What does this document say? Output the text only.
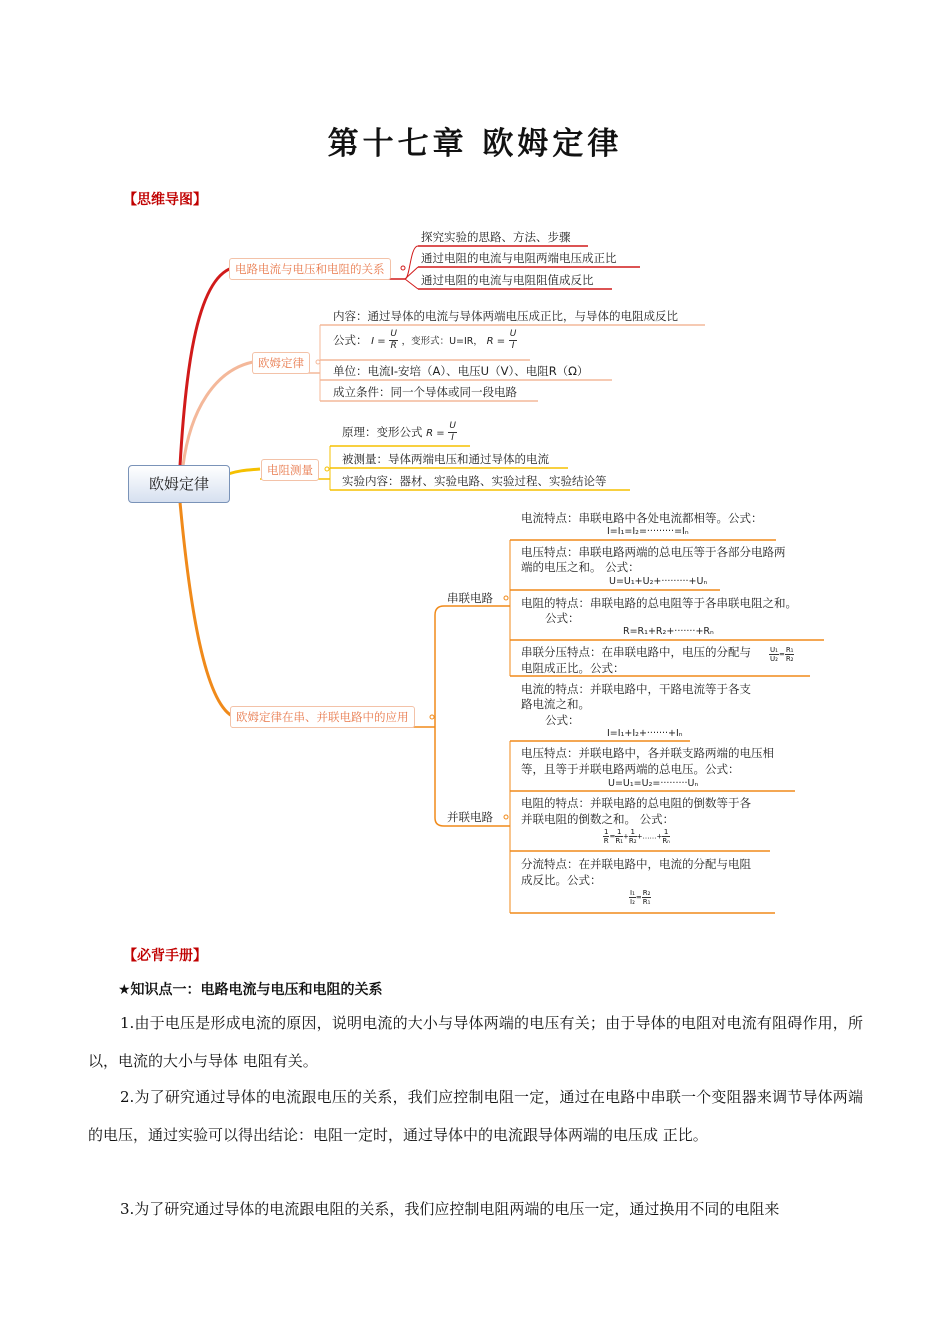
第十七章 欧姆定律
【思维导图】
欧姆定律
电路电流与电压和电阻的关系
探究实验的思路、方法、步骤
通过电阻的电流与电阻两端电压成正比
通过电阻的电流与电阻阻值成反比
欧姆定律
内容：通过导体的电流与导体两端电压成正比，与导体的电阻成反比
公式： $I = \frac{U}{R}$ ，变形式：U=IR， $R = \frac{U}{I}$
单位：电流I-安培（A）、电压U（V）、电阻R（Ω）
成立条件：同一个导体或同一段电路
电阻测量
原理：变形公式 $R = \frac{U}{I}$
被测量：导体两端电压和通过导体的电流
实验内容：器材、实验电路、实验过程、实验结论等
欧姆定律在串、并联电路中的应用
串联电路
并联电路
电流特点：串联电路中各处电流都相等。公式：
I=I₁=I₂=·········=Iₙ
电压特点：串联电路两端的总电压等于各部分电路两
端的电压之和。 公式：
U=U₁+U₂+·········+Uₙ
电阻的特点：串联电路的总电阻等于各串联电阻之和。
公式：
R=R₁+R₂+·······+Rₙ
串联分压特点：在串联电路中，电压的分配与
电阻成正比。公式：
$\frac{\text{U₁}}{\text{U₂}}= \frac{\text{R₁}}{\text{R₂}}$
电流的特点：并联电路中，干路电流等于各支
路电流之和。
公式：
I=I₁+I₂+·······+Iₙ
电压特点：并联电路中，各并联支路两端的电压相
等，且等于并联电路两端的总电压。公式：
U=U₁=U₂=·········Uₙ
电阻的特点：并联电路的总电阻的倒数等于各
并联电阻的倒数之和。 公式：
$\frac{1}{R}= \frac{1}{\text{R₁}}+$ $\frac{1}{\text{R₂}}+\dots\dots+ \frac{1}{\text{Rₙ}}$
分流特点：在并联电路中，电流的分配与电阻
成反比。公式：
$\frac{\text{I₁}}{\text{I₂}}= \frac{\text{R₂}}{\text{R₁}}$
【必背手册】
★知识点一：电路电流与电压和电阻的关系
1.由于电压是形成电流的原因，说明电流的大小与导体两端的电压有关；由于导体的电阻对电流有阻碍作用，所以，电流的大小与导体 电阻有关。
2.为了研究通过导体的电流跟电压的关系，我们应控制电阻一定，通过在电路中串联一个变阻器来调节导体两端的电压，通过实验可以得出结论：电阻一定时，通过导体中的电流跟导体两端的电压成 正比。
3.为了研究通过导体的电流跟电阻的关系，我们应控制电阻两端的电压一定，通过换用不同的电阻来
